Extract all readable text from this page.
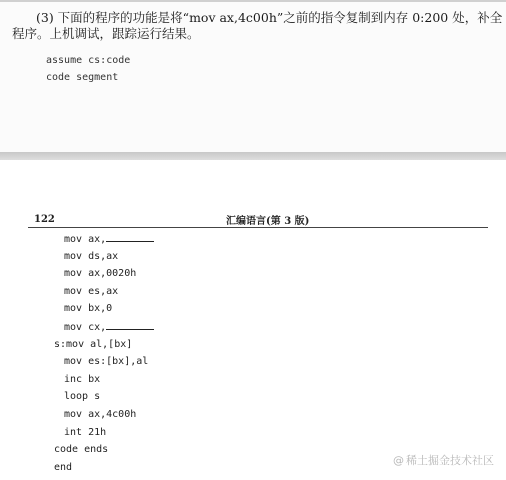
(3) 下面的程序的功能是将“mov ax,4c00h”之前的指令复制到内存 0:200 处，补全
程序。上机调试，跟踪运行结果。
assume cs:code
code segment
122	汇编语言(第 3 版)
mov ax,
mov ds,ax
mov ax,0020h
mov es,ax
mov bx,0
mov cx,
s:mov al,[bx]
mov es:[bx],al
inc bx
loop s
mov ax,4c00h
int 21h
code ends
end
@ 稀土掘金技术社区
